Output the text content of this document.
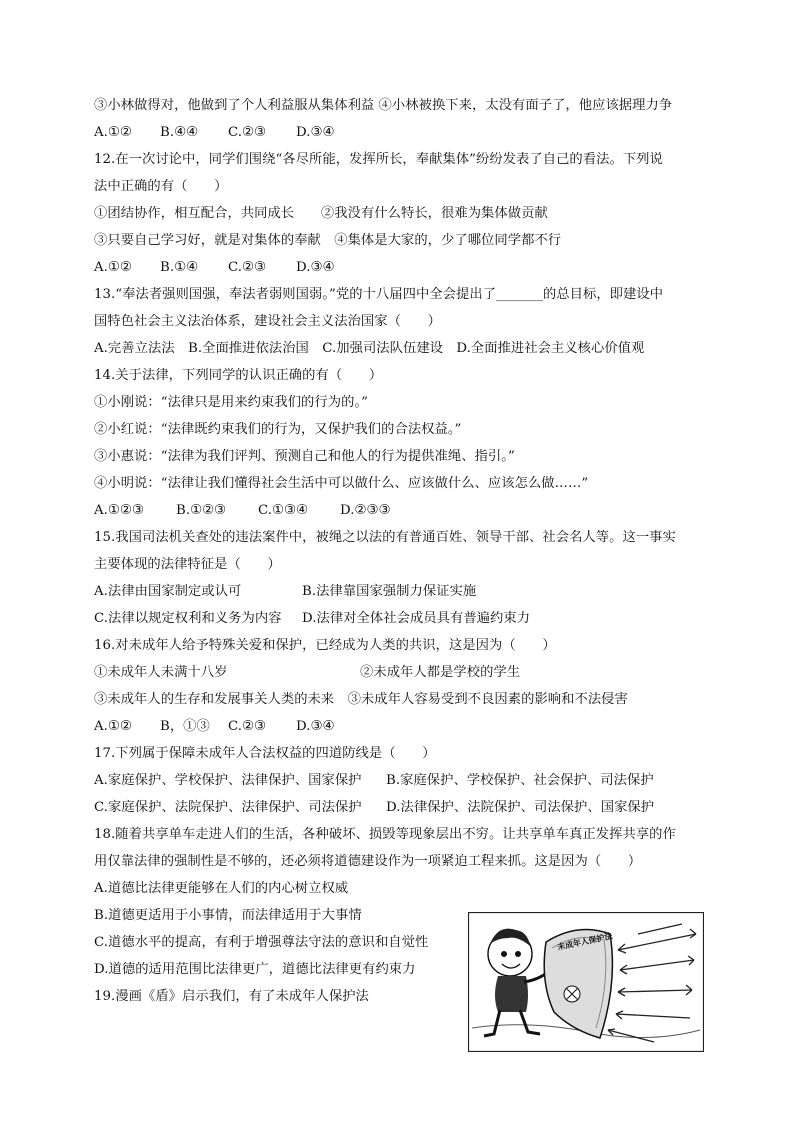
③小林做得对，他做到了个人利益服从集体利益 ④小林被换下来，太没有面子了，他应该据理力争
A.①② B.④④ C.②③ D.③④
12.在一次讨论中，同学们围绕“各尽所能，发挥所长，奉献集体”纷纷发表了自己的看法。下列说
法中正确的有（　　）
①团结协作，相互配合，共同成长　　②我没有什么特长，很难为集体做贡献
③只要自己学习好，就是对集体的奉献　④集体是大家的，少了哪位同学都不行
A.①② B.①④ C.②③ D.③④
13.“奉法者强则国强，奉法者弱则国弱。”党的十八届四中全会提出了_______的总目标，即建设中
国特色社会主义法治体系，建设社会主义法治国家（　　）
A.完善立法法　B.全面推进依法治国　C.加强司法队伍建设　D.全面推进社会主义核心价值观
14.关于法律，下列同学的认识正确的有（　　）
①小刚说：“法律只是用来约束我们的行为的。”
②小红说：“法律既约束我们的行为，又保护我们的合法权益。”
③小惠说：“法律为我们评判、预测自己和他人的行为提供准绳、指引。”
④小明说：“法律让我们懂得社会生活中可以做什么、应该做什么、应该怎么做……”
A.①②③ B.①②③ C.①③④ D.②③③
15.我国司法机关查处的违法案件中，被绳之以法的有普通百姓、领导干部、社会名人等。这一事实
主要体现的法律特征是（　　）
A.法律由国家制定或认可	B.法律靠国家强制力保证实施
C.法律以规定权利和义务为内容 D.法律对全体社会成员具有普遍约束力
16.对未成年人给予特殊关爱和保护，已经成为人类的共识，这是因为（　　）
①未成年人未满十八岁	②未成年人都是学校的学生
③未成年人的生存和发展事关人类的未来　③未成年人容易受到不良因素的影响和不法侵害
A.①② B，①③ C.②③ D.③④
17.下列属于保障未成年人合法权益的四道防线是（　　）
A.家庭保护、学校保护、法律保护、国家保护 B.家庭保护、学校保护、社会保护、司法保护
C.家庭保护、法院保护、法律保护、司法保护 D.法律保护、法院保护、司法保护、国家保护
18.随着共享单车走进人们的生活，各种破坏、损毁等现象层出不穷。让共享单车真正发挥共享的作
用仅靠法律的强制性是不够的，还必须将道德建设作为一项紧迫工程来抓。这是因为（　　）
A.道德比法律更能够在人们的内心树立权威
B.道德更适用于小事情，而法律适用于大事情
C.道德水平的提高，有利于增强尊法守法的意识和自觉性
D.道德的适用范围比法律更广，道德比法律更有约束力
19.漫画《盾》启示我们，有了未成年人保护法
未成年人保护法
